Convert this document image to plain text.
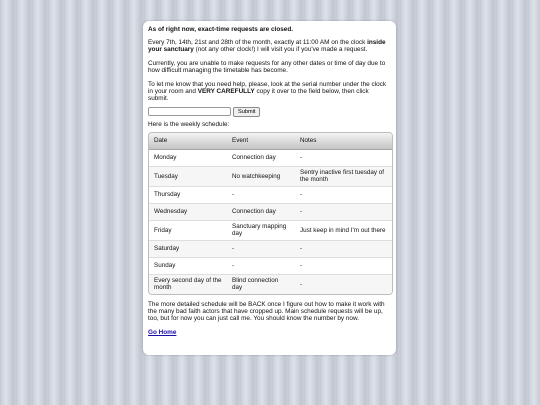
As of right now, exact-time requests are closed.

Every 7th, 14th, 21st and 28th of the month, exactly at 11:00 AM on the clock inside your sanctuary (not any other clock!) I will visit you if you've made a request.

Currently, you are unable to make requests for any other dates or time of day due to how difficult managing the timetable has become.

To let me know that you need help, please, look at the serial number under the clock in your room and VERY CAREFULLY copy it over to the field below, then click submit.

Submit

Here is the weekly schedule:

Date	Event	Notes
Monday	Connection day	-
Tuesday	No watchkeeping	Sentry inactive first tuesday of the month
Thursday	-	-
Wednesday	Connection day	-
Friday	Sanctuary mapping day	Just keep in mind I'm out there
Saturday	-	-
Sunday	-	-
Every second day of the month	Blind connection day	-

The more detailed schedule will be BACK once I figure out how to make it work with the many bad faith actors that have cropped up. Main schedule requests will be up, too, but for now you can just call me. You should know the number by now.

Go Home
